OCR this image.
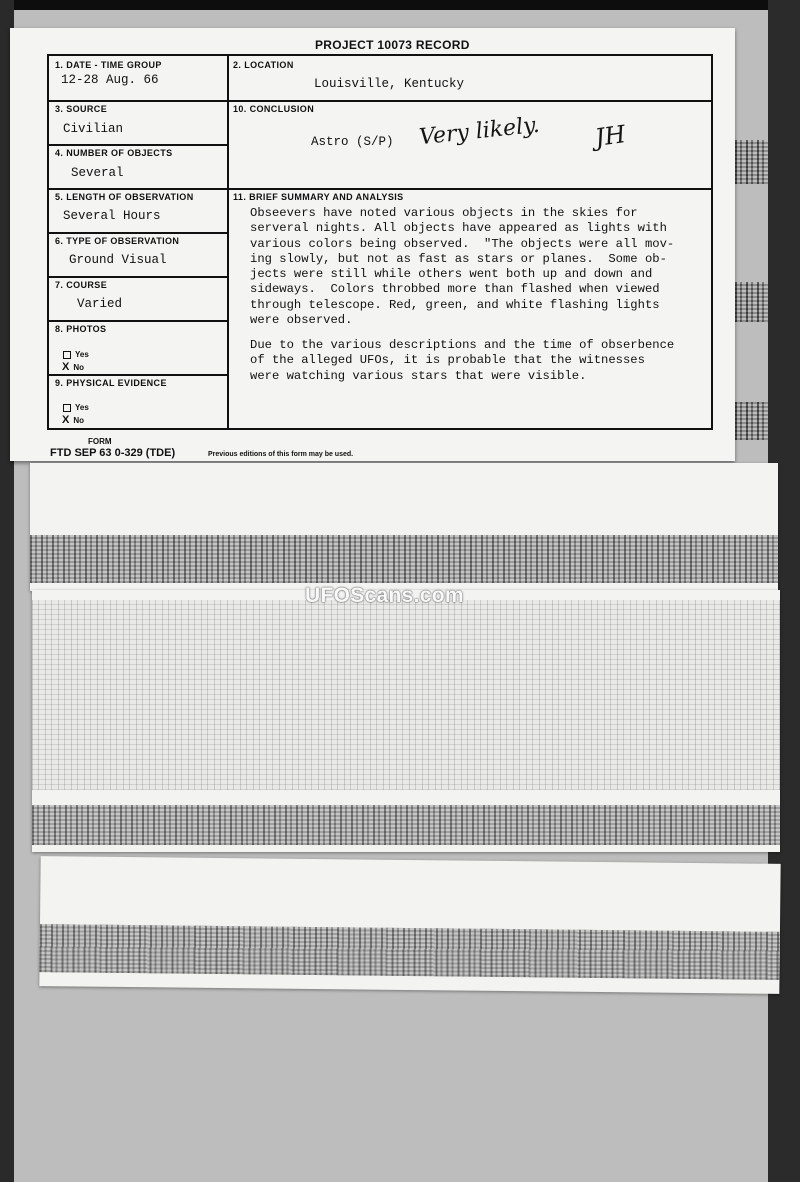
PROJECT 10073 RECORD
1. DATE - TIME GROUP
12-28 Aug. 66
2. LOCATION
Louisville, Kentucky
3. SOURCE
Civilian
10. CONCLUSION
Astro (S/P) Very likely. JH
4. NUMBER OF OBJECTS
Several
5. LENGTH OF OBSERVATION
Several Hours
11. BRIEF SUMMARY AND ANALYSIS
6. TYPE OF OBSERVATION
Ground Visual
7. COURSE
Varied
8. PHOTOS
Yes
X No
9. PHYSICAL EVIDENCE
Yes
X No
Obseevers have noted various objects in the skies for
serveral nights. All objects have appeared as lights with
various colors being observed.  "The objects were all mov-
ing slowly, but not as fast as stars or planes.  Some ob-
jects were still while others went both up and down and
sideways.  Colors throbbed more than flashed when viewed
through telescope. Red, green, and white flashing lights
were observed.
Due to the various descriptions and the time of obserbence
of the alleged UFOs, it is probable that the witnesses
were watching various stars that were visible.
FORM
FTD SEP 63 0-329 (TDE)	Previous editions of this form may be used.
UFOScans.com
